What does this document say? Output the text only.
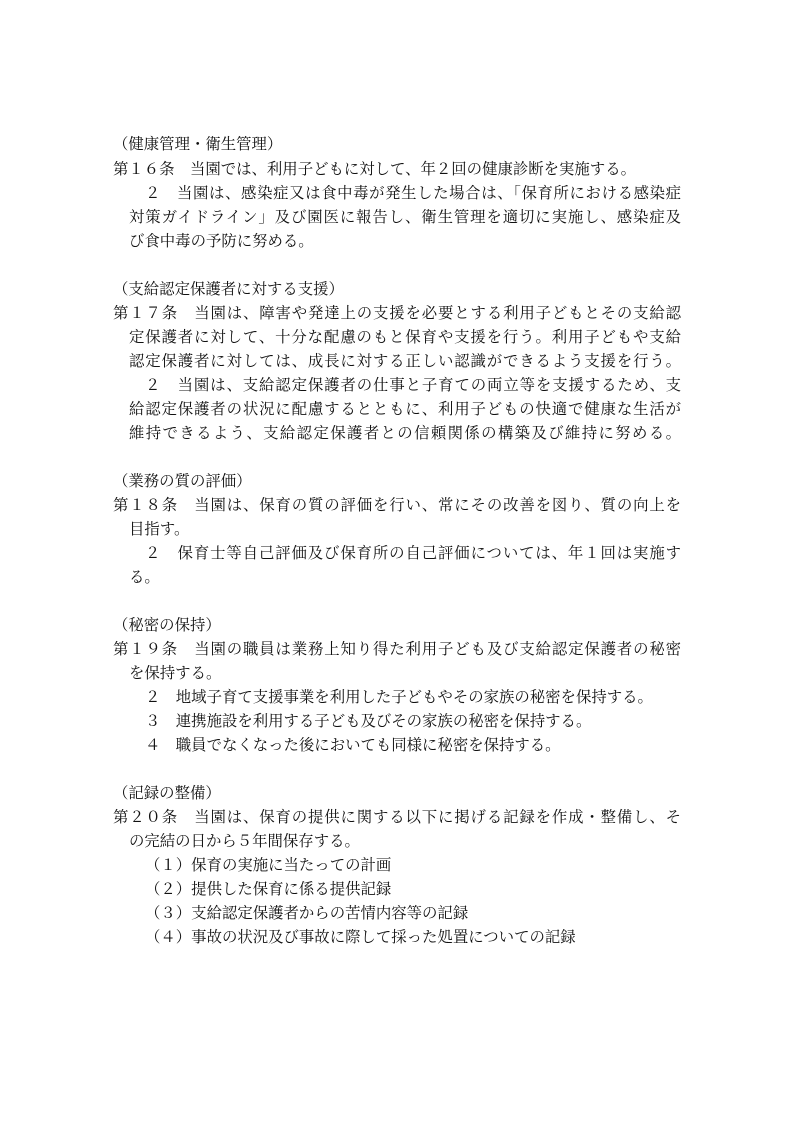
（健康管理・衛生管理）
第１６条　当園では、利用子どもに対して、年２回の健康診断を実施する。
２　当園は、感染症又は食中毒が発生した場合は、「保育所における感染症
対策ガイドライン」及び園医に報告し、衛生管理を適切に実施し、感染症及
び食中毒の予防に努める。
（支給認定保護者に対する支援）
第１７条　当園は、障害や発達上の支援を必要とする利用子どもとその支給認
定保護者に対して、十分な配慮のもと保育や支援を行う。利用子どもや支給
認定保護者に対しては、成長に対する正しい認識ができるよう支援を行う。
２　当園は、支給認定保護者の仕事と子育ての両立等を支援するため、支
給認定保護者の状況に配慮するとともに、利用子どもの快適で健康な生活が
維持できるよう、支給認定保護者との信頼関係の構築及び維持に努める。
（業務の質の評価）
第１８条　当園は、保育の質の評価を行い、常にその改善を図り、質の向上を
目指す。
２　保育士等自己評価及び保育所の自己評価については、年１回は実施す
る。
（秘密の保持）
第１９条　当園の職員は業務上知り得た利用子ども及び支給認定保護者の秘密
を保持する。
２　地域子育て支援事業を利用した子どもやその家族の秘密を保持する。
３　連携施設を利用する子ども及びその家族の秘密を保持する。
４　職員でなくなった後においても同様に秘密を保持する。
（記録の整備）
第２０条　当園は、保育の提供に関する以下に掲げる記録を作成・整備し、そ
の完結の日から５年間保存する。
（１）保育の実施に当たっての計画
（２）提供した保育に係る提供記録
（３）支給認定保護者からの苦情内容等の記録
（４）事故の状況及び事故に際して採った処置についての記録
